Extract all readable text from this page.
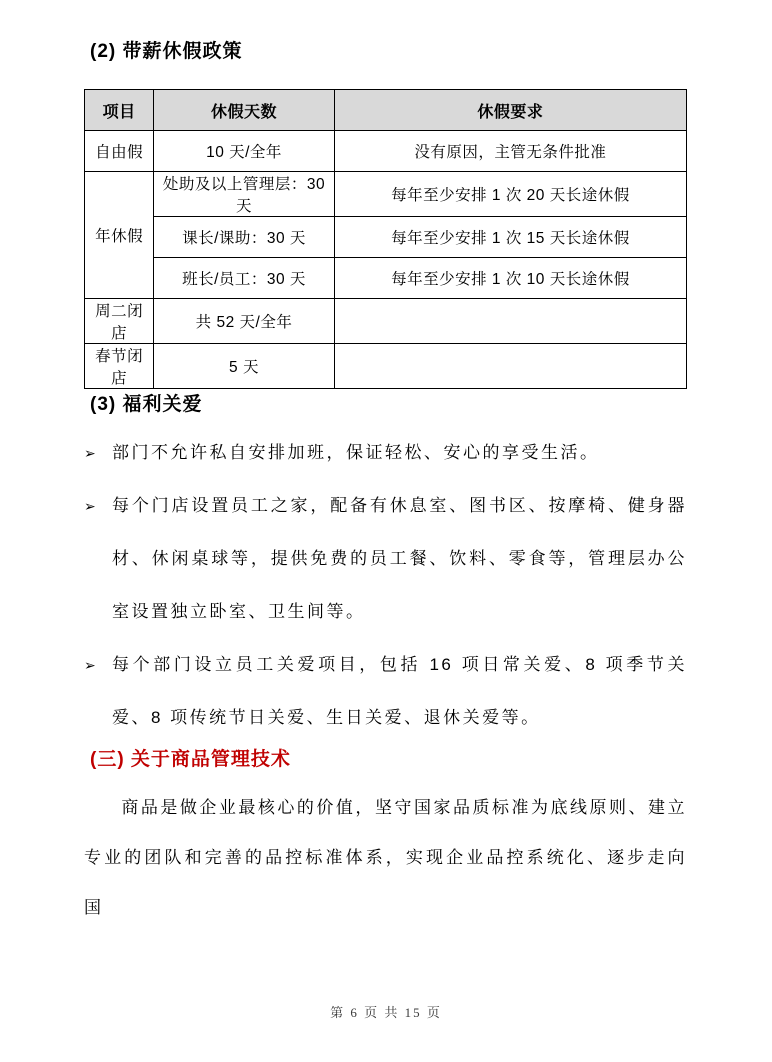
(2) 带薪休假政策
项目	休假天数	休假要求
自由假	10 天/全年	没有原因，主管无条件批准
年休假	处助及以上管理层：30 天	每年至少安排 1 次 20 天长途休假
	课长/课助：30 天	每年至少安排 1 次 15 天长途休假
	班长/员工：30 天	每年至少安排 1 次 10 天长途休假
周二闭店	共 52 天/全年	
春节闭店	5 天	
(3) 福利关爱
➢ 部门不允许私自安排加班，保证轻松、安心的享受生活。
➢ 每个门店设置员工之家，配备有休息室、图书区、按摩椅、健身器材、休闲桌球等，提供免费的员工餐、饮料、零食等，管理层办公室设置独立卧室、卫生间等。
➢ 每个部门设立员工关爱项目，包括 16 项日常关爱、8 项季节关爱、8 项传统节日关爱、生日关爱、退休关爱等。
(三) 关于商品管理技术

商品是做企业最核心的价值，坚守国家品质标准为底线原则、建立专业的团队和完善的品控标准体系，实现企业品控系统化、逐步走向国

第 6 页 共 15 页
